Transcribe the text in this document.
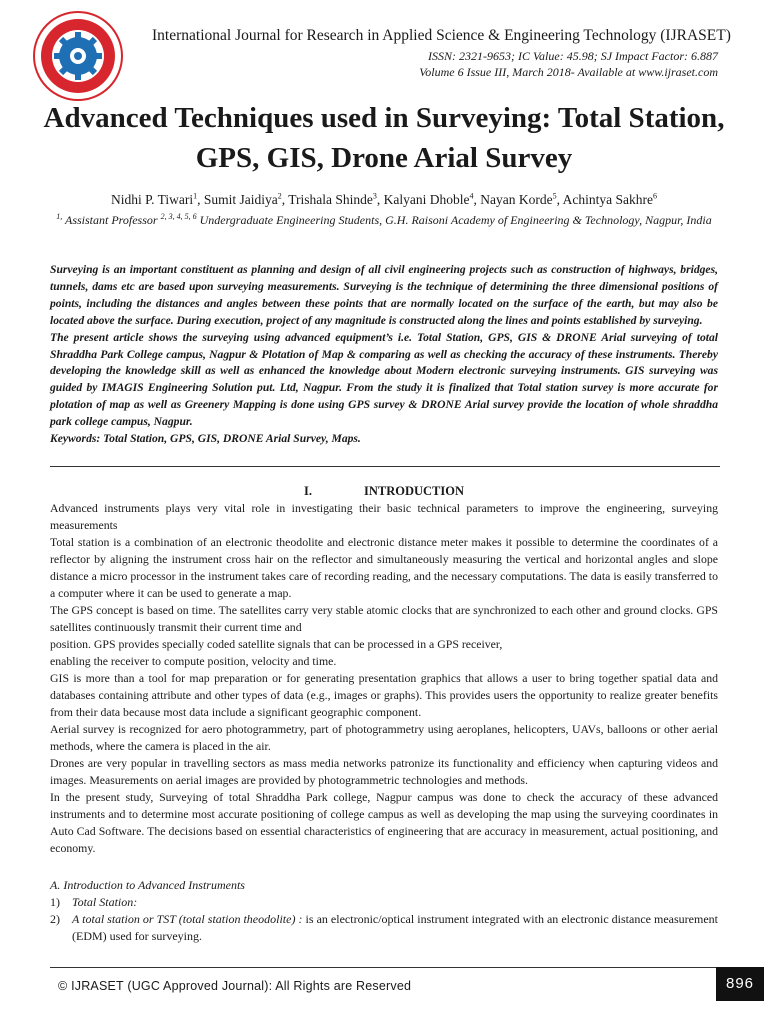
International Journal for Research in Applied Science & Engineering Technology (IJRASET)
ISSN: 2321-9653; IC Value: 45.98; SJ Impact Factor: 6.887
Volume 6 Issue III, March 2018- Available at www.ijraset.com
Advanced Techniques used in Surveying: Total Station, GPS, GIS, Drone Arial Survey
Nidhi P. Tiwari$^1$, Sumit Jaidiya$^2$, Trishala Shinde$^3$, Kalyani Dhoble$^4$, Nayan Korde$^5$, Achintya Sakhre$^6$
$^{1,}$ Assistant Professor $^{2, 3, 4, 5, 6}$ Undergraduate Engineering Students, G.H. Raisoni Academy of Engineering & Technology, Nagpur, India

Surveying is an important constituent as planning and design of all civil engineering projects such as construction of highways, bridges, tunnels, dams etc are based upon surveying measurements. Surveying is the technique of determining the three dimensional positions of points, including the distances and angles between these points that are normally located on the surface of the earth, but may also be located above the surface. During execution, project of any magnitude is constructed along the lines and points established by surveying.

The present article shows the surveying using advanced equipment’s i.e. Total Station, GPS, GIS & DRONE Arial surveying of total Shraddha Park College campus, Nagpur & Plotation of Map & comparing as well as checking the accuracy of these instruments. Thereby developing the knowledge skill as well as enhanced the knowledge about Modern electronic surveying instruments. GIS surveying was guided by IMAGIS Engineering Solution put. Ltd, Nagpur. From the study it is finalized that Total station survey is more accurate for plotation of map as well as Greenery Mapping is done using GPS survey & DRONE Arial survey provide the location of whole shraddha park college campus, Nagpur.

Keywords: Total Station, GPS, GIS, DRONE Arial Survey, Maps.

I.	INTRODUCTION

Advanced instruments plays very vital role in investigating their basic technical parameters to improve the engineering, surveying measurements

Total station is a combination of an electronic theodolite and electronic distance meter makes it possible to determine the coordinates of a reflector by aligning the instrument cross hair on the reflector and simultaneously measuring the vertical and horizontal angles and slope distance a micro processor in the instrument takes care of recording reading, and the necessary computations. The data is easily transferred to a computer where it can be used to generate a map.

The GPS concept is based on time. The satellites carry very stable atomic clocks that are synchronized to each other and ground clocks. GPS satellites continuously transmit their current time and

position. GPS provides specially coded satellite signals that can be processed in a GPS receiver,

enabling the receiver to compute position, velocity and time.

GIS is more than a tool for map preparation or for generating presentation graphics that allows a user to bring together spatial data and databases containing attribute and other types of data (e.g., images or graphs). This provides users the opportunity to realize greater benefits from their data because most data include a significant geographic component.

Aerial survey is recognized for aero photogrammetry, part of photogrammetry using aeroplanes, helicopters, UAVs, balloons or other aerial methods, where the camera is placed in the air.

Drones are very popular in travelling sectors as mass media networks patronize its functionality and efficiency when capturing videos and images. Measurements on aerial images are provided by photogrammetric technologies and methods.

In the present study, Surveying of total Shraddha Park college, Nagpur campus was done to check the accuracy of these advanced instruments and to determine most accurate positioning of college campus as well as developing the map using the surveying coordinates in Auto Cad Software. The decisions based on essential characteristics of engineering that are accuracy in measurement, actual positioning, and economy.

A. Introduction to Advanced Instruments
1) Total Station:
2) A total station or TST (total station theodolite) : is an electronic/optical instrument integrated with an electronic distance measurement (EDM) used for surveying.
© IJRASET (UGC Approved Journal): All Rights are Reserved	896
